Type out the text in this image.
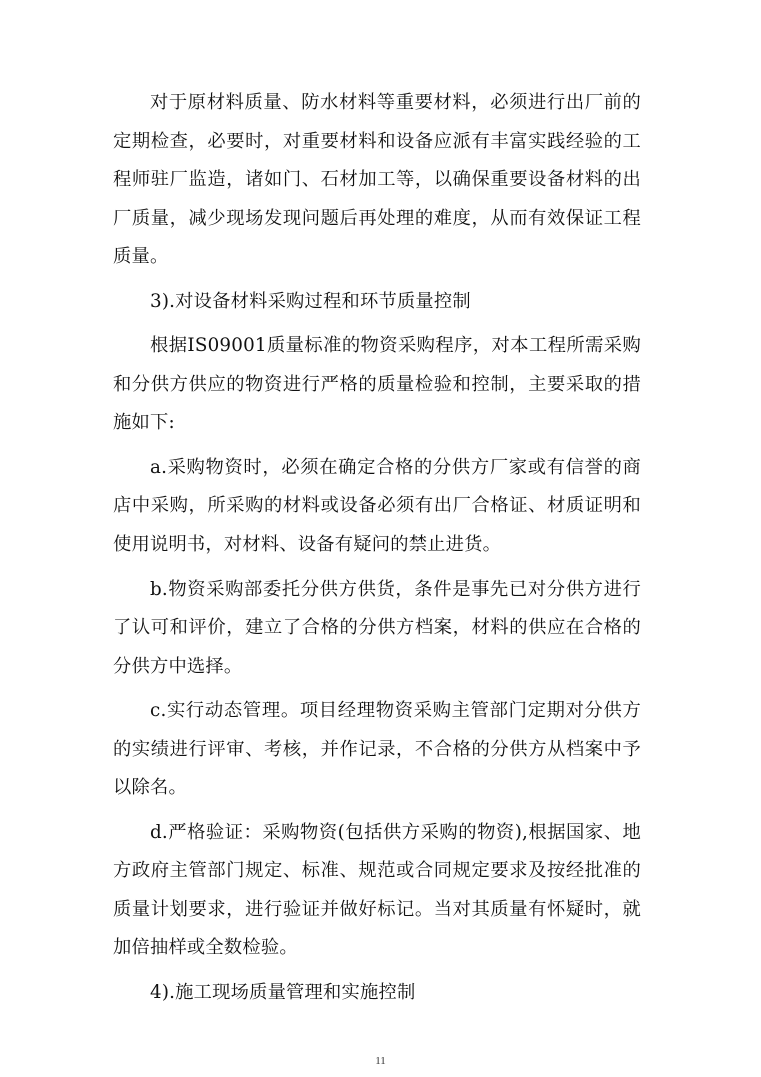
对于原材料质量、防水材料等重要材料，必须进行出厂前的定期检查，必要时，对重要材料和设备应派有丰富实践经验的工程师驻厂监造，诸如门、石材加工等，以确保重要设备材料的出厂质量，减少现场发现问题后再处理的难度，从而有效保证工程质量。

3).对设备材料采购过程和环节质量控制

根据IS09001质量标准的物资采购程序，对本工程所需采购和分供方供应的物资进行严格的质量检验和控制，主要采取的措施如下:

a.采购物资时，必须在确定合格的分供方厂家或有信誉的商店中采购，所采购的材料或设备必须有出厂合格证、材质证明和使用说明书，对材料、设备有疑问的禁止进货。

b.物资采购部委托分供方供货，条件是事先已对分供方进行了认可和评价，建立了合格的分供方档案，材料的供应在合格的分供方中选择。

c.实行动态管理。项目经理物资采购主管部门定期对分供方的实绩进行评审、考核，并作记录，不合格的分供方从档案中予以除名。

d.严格验证：采购物资(包括供方采购的物资),根据国家、地方政府主管部门规定、标准、规范或合同规定要求及按经批准的质量计划要求，进行验证并做好标记。当对其质量有怀疑时，就加倍抽样或全数检验。

4).施工现场质量管理和实施控制

11
